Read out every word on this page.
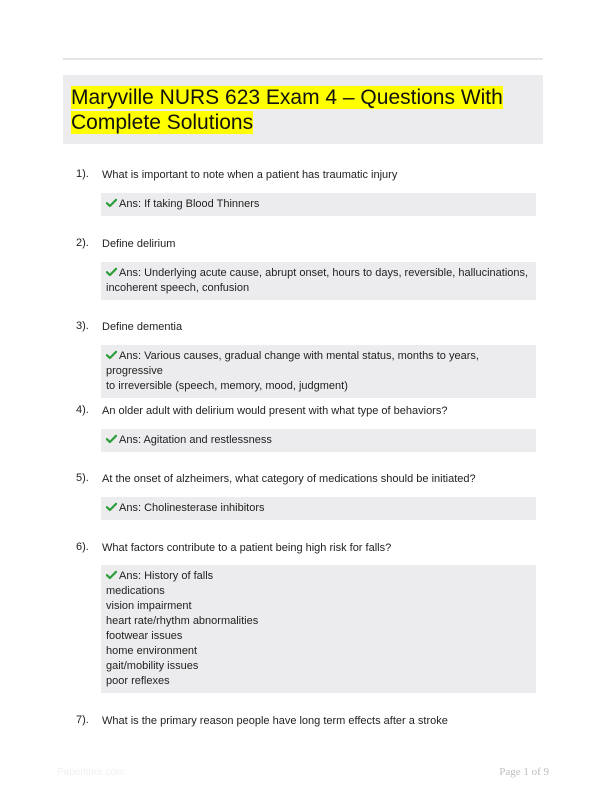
Maryville NURS 623 Exam 4 – Questions With
Complete Solutions
1).	What is important to note when a patient has traumatic injury
Ans: If taking Blood Thinners
2).	Define delirium
Ans: Underlying acute cause, abrupt onset, hours to days, reversible, hallucinations,
incoherent speech, confusion
3).	Define dementia
Ans: Various causes, gradual change with mental status, months to years, progressive
to irreversible (speech, memory, mood, judgment)
4).	An older adult with delirium would present with what type of behaviors?
Ans: Agitation and restlessness
5).	At the onset of alzheimers, what category of medications should be initiated?
Ans: Cholinesterase inhibitors
6).	What factors contribute to a patient being high risk for falls?
Ans: History of falls
medications
vision impairment
heart rate/rhythm abnormalities
footwear issues
home environment
gait/mobility issues
poor reflexes
7).	What is the primary reason people have long term effects after a stroke
Paperlibre.com	Page 1 of 9
